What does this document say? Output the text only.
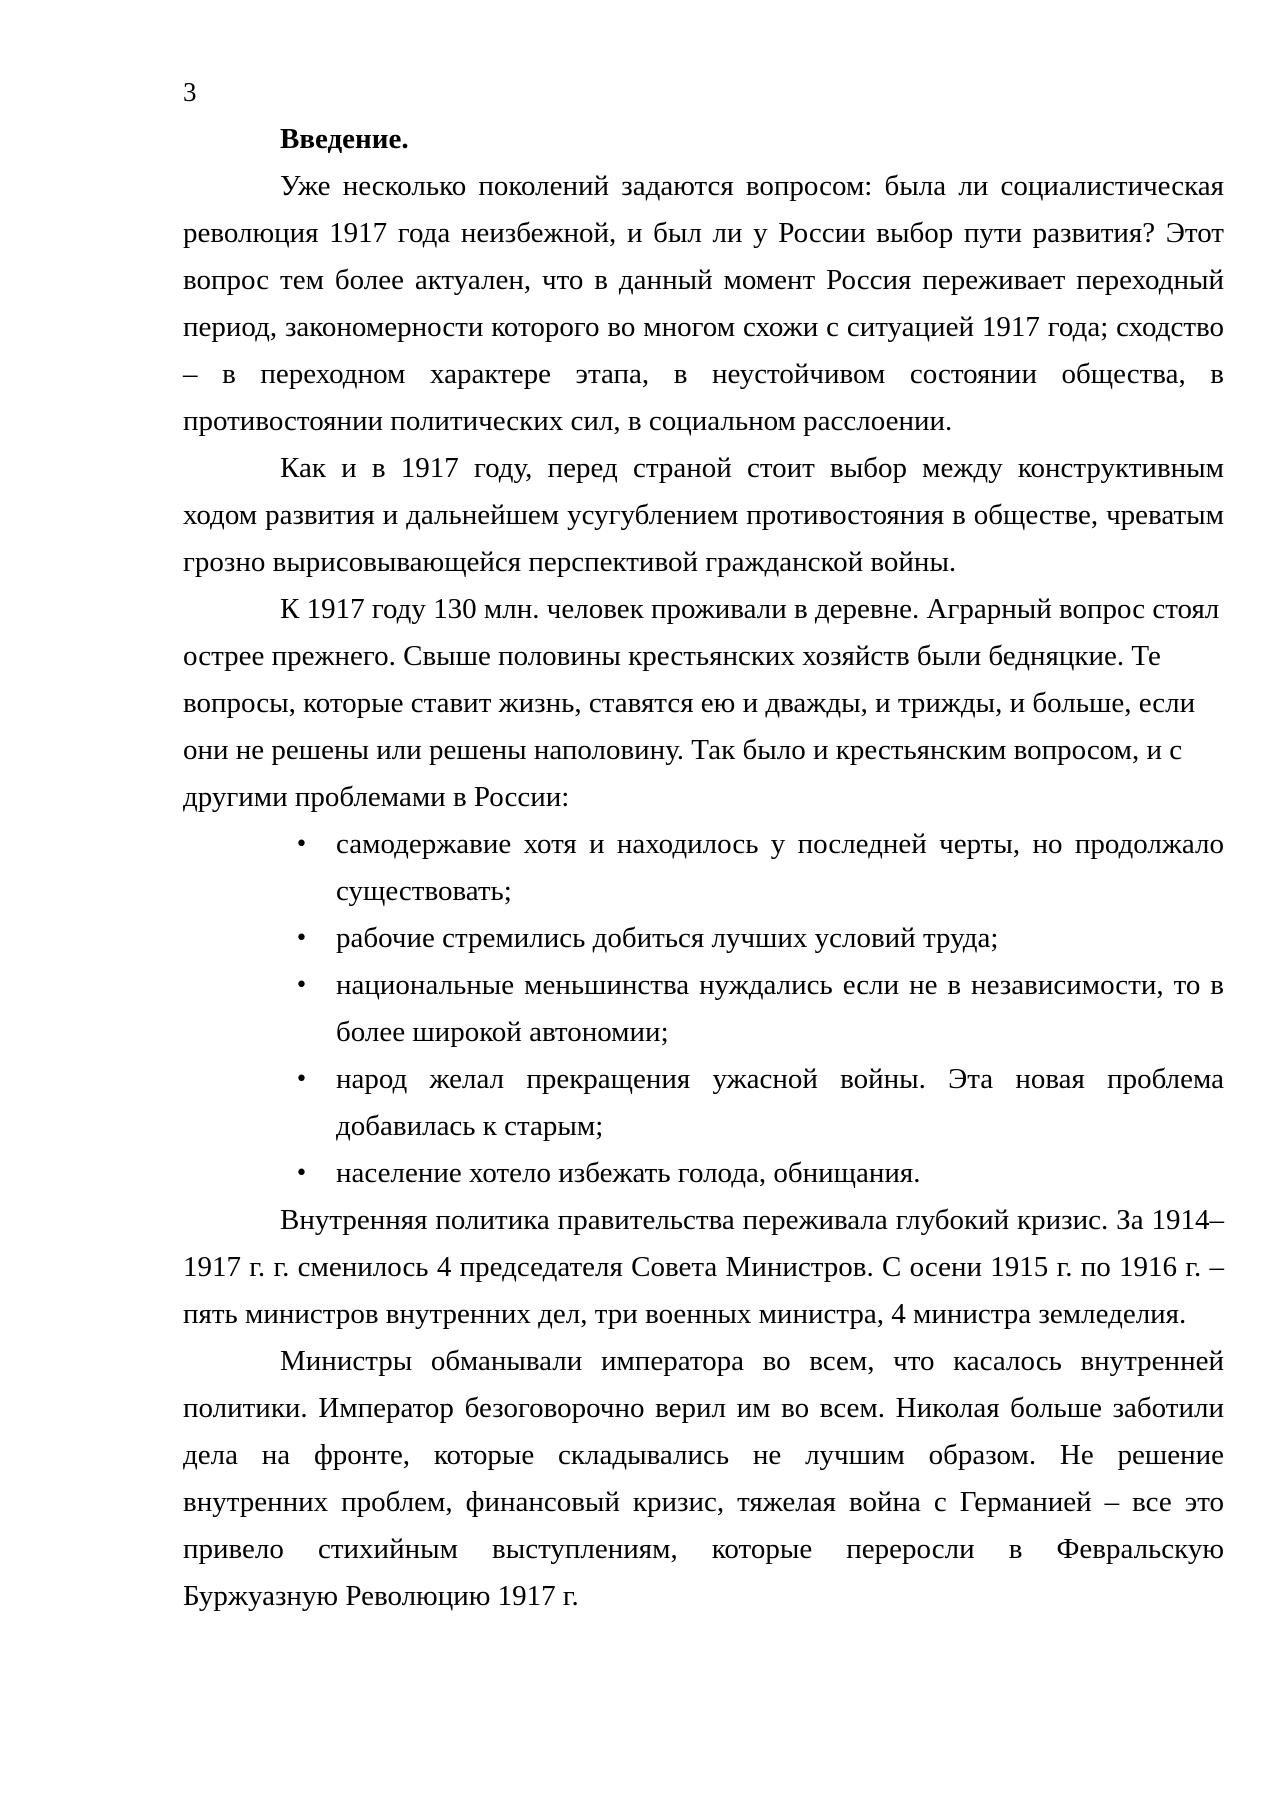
3
Введение.

Уже несколько поколений задаются вопросом: была ли социалистическая революция 1917 года неизбежной, и был ли у России выбор пути развития? Этот вопрос тем более актуален, что в данный момент Россия переживает переходный период, закономерности которого во многом схожи с ситуацией 1917 года; сходство – в переходном характере этапа, в неустойчивом состоянии общества, в противостоянии политических сил, в социальном расслоении.

Как и в 1917 году, перед страной стоит выбор между конструктивным ходом развития и дальнейшем усугублением противостояния в обществе, чреватым грозно вырисовывающейся перспективой гражданской войны.

К 1917 году 130 млн. человек проживали в деревне. Аграрный вопрос стоял острее прежнего. Свыше половины крестьянских хозяйств были бедняцкие. Те вопросы, которые ставит жизнь, ставятся ею и дважды, и трижды, и больше, если они не решены или решены наполовину. Так было и крестьянским вопросом, и с другими проблемами в России:

• самодержавие хотя и находилось у последней черты, но продолжало существовать;
• рабочие стремились добиться лучших условий труда;
• национальные меньшинства нуждались если не в независимости, то в более широкой автономии;
• народ желал прекращения ужасной войны. Эта новая проблема добавилась к старым;
• население хотело избежать голода, обнищания.

Внутренняя политика правительства переживала глубокий кризис. За 1914–1917 г. г. сменилось 4 председателя Совета Министров. С осени 1915 г. по 1916 г. – пять министров внутренних дел, три военных министра, 4 министра земледелия.

Министры обманывали императора во всем, что касалось внутренней политики. Император безоговорочно верил им во всем. Николая больше заботили дела на фронте, которые складывались не лучшим образом. Не решение внутренних проблем, финансовый кризис, тяжелая война с Германией – все это привело стихийным выступлениям, которые переросли в Февральскую Буржуазную Революцию 1917 г.
